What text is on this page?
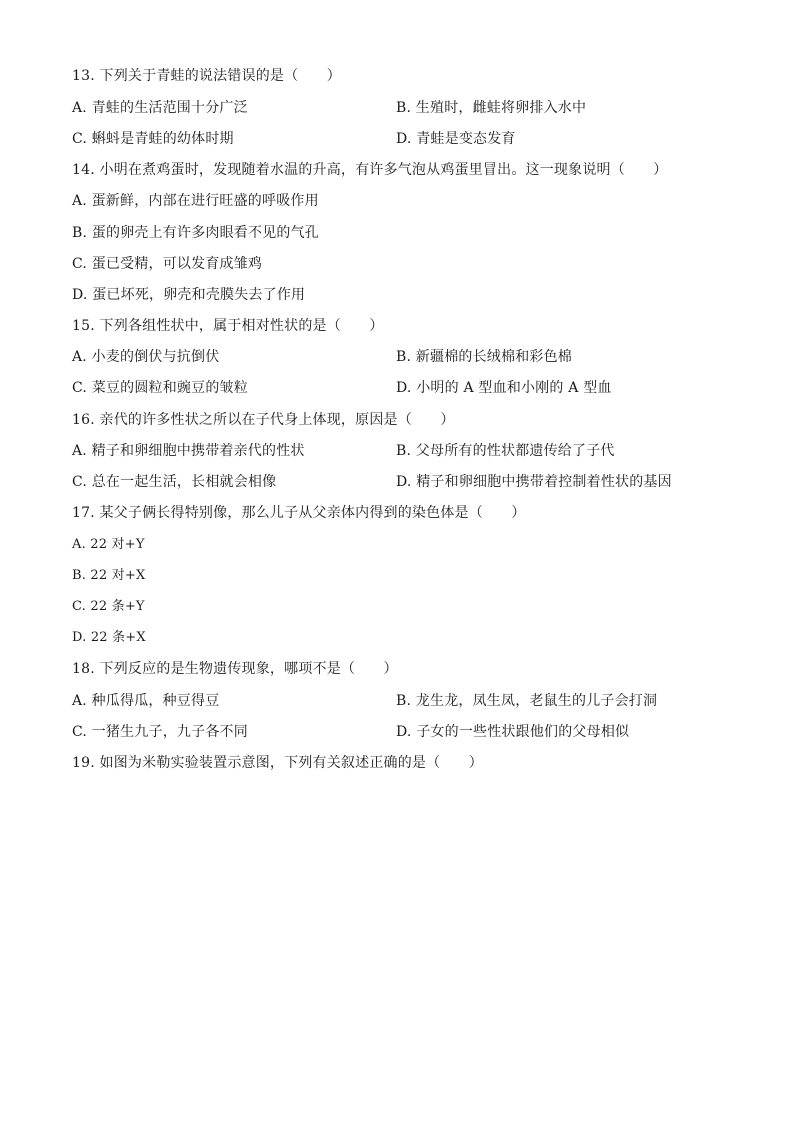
13. 下列关于青蛙的说法错误的是（　　）
A. 青蛙的生活范围十分广泛	B. 生殖时，雌蛙将卵排入水中
C. 蝌蚪是青蛙的幼体时期	D. 青蛙是变态发育
14. 小明在煮鸡蛋时，发现随着水温的升高，有许多气泡从鸡蛋里冒出。这一现象说明（　　）
A. 蛋新鲜，内部在进行旺盛的呼吸作用
B. 蛋的卵壳上有许多肉眼看不见的气孔
C. 蛋已受精，可以发育成雏鸡
D. 蛋已坏死，卵壳和壳膜失去了作用
15. 下列各组性状中，属于相对性状的是（　　）
A. 小麦的倒伏与抗倒伏	B. 新疆棉的长绒棉和彩色棉
C. 菜豆的圆粒和豌豆的皱粒	D. 小明的 A 型血和小刚的 A 型血
16. 亲代的许多性状之所以在子代身上体现，原因是（　　）
A. 精子和卵细胞中携带着亲代的性状	B. 父母所有的性状都遗传给了子代
C. 总在一起生活，长相就会相像	D. 精子和卵细胞中携带着控制着性状的基因
17. 某父子俩长得特别像，那么儿子从父亲体内得到的染色体是（　　）
A. 22 对+Y
B. 22 对+X
C. 22 条+Y
D. 22 条+X
18. 下列反应的是生物遗传现象，哪项不是（　　）
A. 种瓜得瓜，种豆得豆	B. 龙生龙，凤生凤，老鼠生的儿子会打洞
C. 一猪生九子，九子各不同	D. 子女的一些性状跟他们的父母相似
19. 如图为米勒实验装置示意图，下列有关叙述正确的是（　　）
